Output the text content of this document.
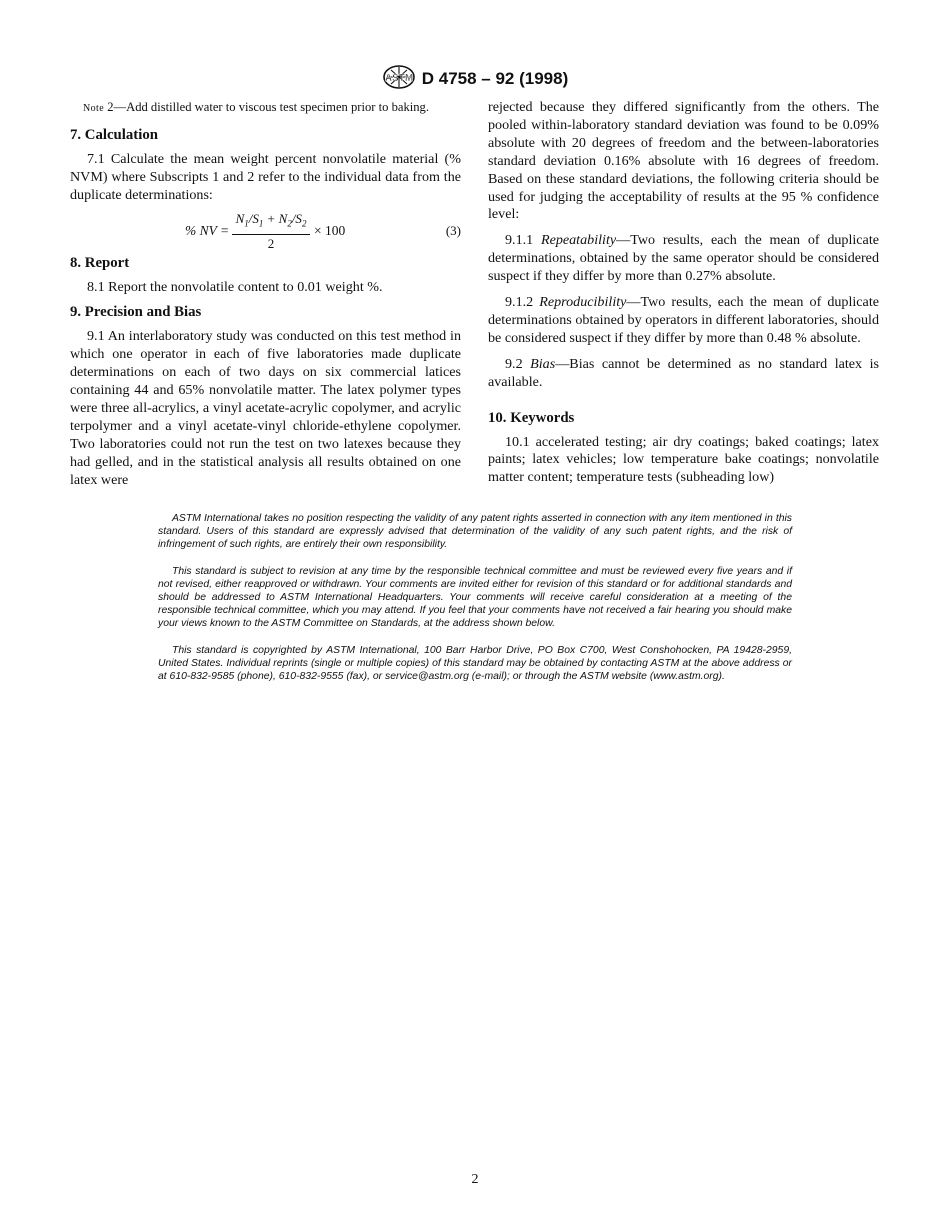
ASTM D 4758 – 92 (1998)

Note 2—Add distilled water to viscous test specimen prior to baking.

7. Calculation

7.1 Calculate the mean weight percent nonvolatile material (% NVM) where Subscripts 1 and 2 refer to the individual data from the duplicate determinations:

% NV = $\frac{N_1/S_1 + N_2/S_2}{2} \times 100$	(3)
8. Report

8.1 Report the nonvolatile content to 0.01 weight %.

9. Precision and Bias

9.1 An interlaboratory study was conducted on this test method in which one operator in each of five laboratories made duplicate determinations on each of two days on six commercial latices containing 44 and 65% nonvolatile matter. The latex polymer types were three all-acrylics, a vinyl acetate-acrylic copolymer, and acrylic terpolymer and a vinyl acetate-vinyl chloride-ethylene copolymer. Two laboratories could not run the test on two latexes because they had gelled, and in the statistical analysis all results obtained on one latex were

rejected because they differed significantly from the others. The pooled within-laboratory standard deviation was found to be 0.09% absolute with 20 degrees of freedom and the between-laboratories standard deviation 0.16% absolute with 16 degrees of freedom. Based on these standard deviations, the following criteria should be used for judging the acceptability of results at the 95 % confidence level:

9.1.1 Repeatability—Two results, each the mean of duplicate determinations, obtained by the same operator should be considered suspect if they differ by more than 0.27% absolute.

9.1.2 Reproducibility—Two results, each the mean of duplicate determinations obtained by operators in different laboratories, should be considered suspect if they differ by more than 0.48 % absolute.

9.2 Bias—Bias cannot be determined as no standard latex is available.

10. Keywords

10.1 accelerated testing; air dry coatings; baked coatings; latex paints; latex vehicles; low temperature bake coatings; nonvolatile matter content; temperature tests (subheading low)

ASTM International takes no position respecting the validity of any patent rights asserted in connection with any item mentioned in this standard. Users of this standard are expressly advised that determination of the validity of any such patent rights, and the risk of infringement of such rights, are entirely their own responsibility.

This standard is subject to revision at any time by the responsible technical committee and must be reviewed every five years and if not revised, either reapproved or withdrawn. Your comments are invited either for revision of this standard or for additional standards and should be addressed to ASTM International Headquarters. Your comments will receive careful consideration at a meeting of the responsible technical committee, which you may attend. If you feel that your comments have not received a fair hearing you should make your views known to the ASTM Committee on Standards, at the address shown below.

This standard is copyrighted by ASTM International, 100 Barr Harbor Drive, PO Box C700, West Conshohocken, PA 19428-2959, United States. Individual reprints (single or multiple copies) of this standard may be obtained by contacting ASTM at the above address or at 610-832-9585 (phone), 610-832-9555 (fax), or service@astm.org (e-mail); or through the ASTM website (www.astm.org).

2
